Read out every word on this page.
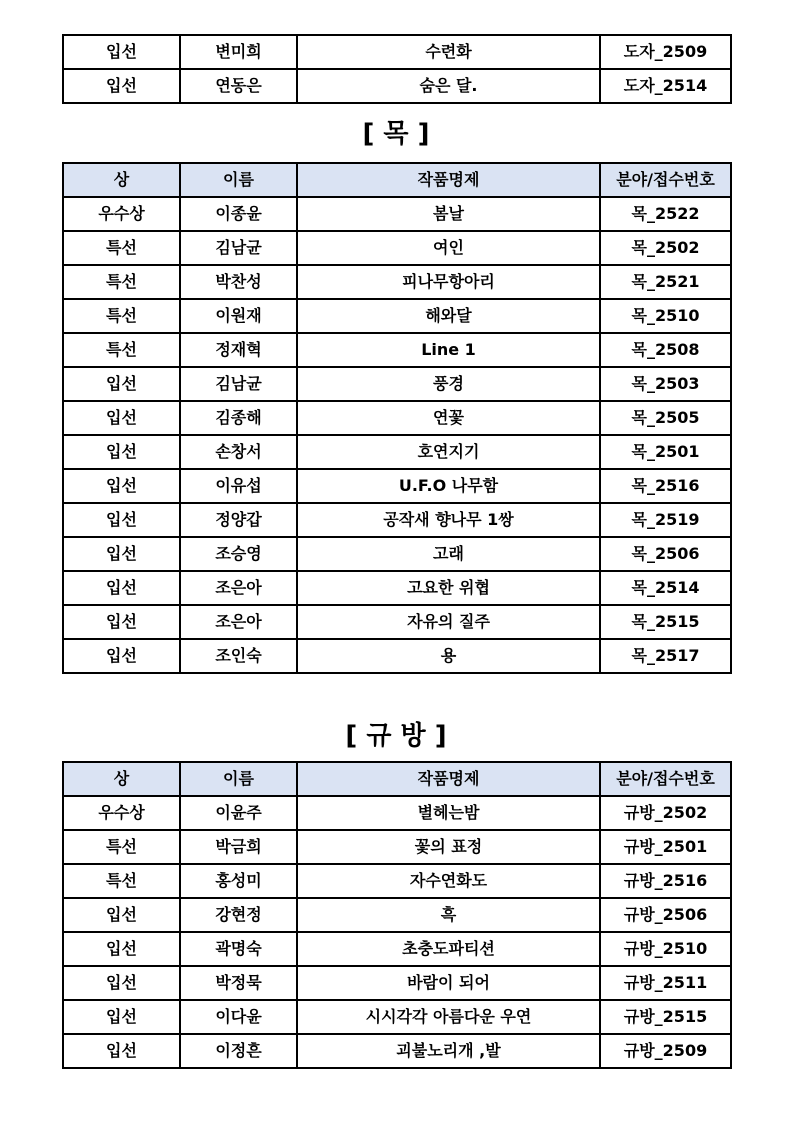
입선	변미희	수련화	도자_2509
입선	연동은	숨은 달.	도자_2514
[ 목 ]
상	이름	작품명제	분야/접수번호
우수상	이종윤	봄날	목_2522
특선	김남균	여인	목_2502
특선	박찬성	피나무항아리	목_2521
특선	이원재	해와달	목_2510
특선	정재혁	Line 1	목_2508
입선	김남균	풍경	목_2503
입선	김종해	연꽃	목_2505
입선	손창서	호연지기	목_2501
입선	이유섭	U.F.O 나무함	목_2516
입선	정양갑	공작새 향나무 1쌍	목_2519
입선	조승영	고래	목_2506
입선	조은아	고요한 위협	목_2514
입선	조은아	자유의 질주	목_2515
입선	조인숙	용	목_2517
[ 규 방 ]
상	이름	작품명제	분야/접수번호
우수상	이윤주	별헤는밤	규방_2502
특선	박금희	꽃의 표정	규방_2501
특선	홍성미	자수연화도	규방_2516
입선	강현정	흑	규방_2506
입선	곽명숙	초충도파티션	규방_2510
입선	박정묵	바람이 되어	규방_2511
입선	이다윤	시시각각 아름다운 우연	규방_2515
입선	이정흔	괴불노리개 ,발	규방_2509
